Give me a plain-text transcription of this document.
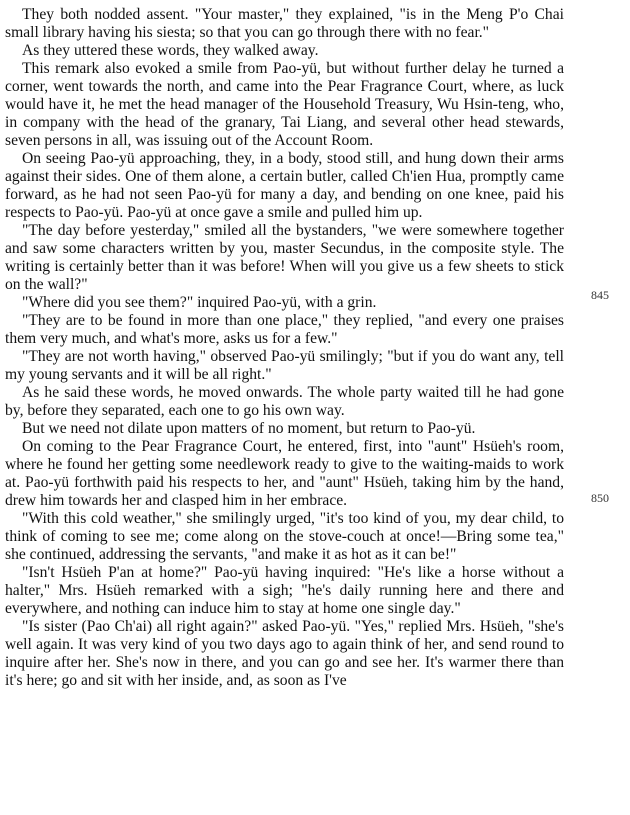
They both nodded assent. "Your master," they explained, "is in the Meng P'o Chai small library having his siesta; so that you can go through there with no fear."

As they uttered these words, they walked away.

This remark also evoked a smile from Pao-yü, but without further delay he turned a corner, went towards the north, and came into the Pear Fragrance Court, where, as luck would have it, he met the head manager of the Household Treasury, Wu Hsin-teng, who, in company with the head of the granary, Tai Liang, and several other head stewards, seven persons in all, was issuing out of the Account Room.

On seeing Pao-yü approaching, they, in a body, stood still, and hung down their arms against their sides. One of them alone, a certain butler, called Ch'ien Hua, promptly came forward, as he had not seen Pao-yü for many a day, and bending on one knee, paid his respects to Pao-yü. Pao-yü at once gave a smile and pulled him up.

"The day before yesterday," smiled all the bystanders, "we were somewhere together and saw some characters written by you, master Secundus, in the composite style. The writing is certainly better than it was before! When will you give us a few sheets to stick on the wall?"

"Where did you see them?" inquired Pao-yü, with a grin.

"They are to be found in more than one place," they replied, "and every one praises them very much, and what's more, asks us for a few."

"They are not worth having," observed Pao-yü smilingly; "but if you do want any, tell my young servants and it will be all right."

As he said these words, he moved onwards. The whole party waited till he had gone by, before they separated, each one to go his own way.

But we need not dilate upon matters of no moment, but return to Pao-yü.

On coming to the Pear Fragrance Court, he entered, first, into "aunt" Hsüeh's room, where he found her getting some needlework ready to give to the waiting-maids to work at. Pao-yü forthwith paid his respects to her, and "aunt" Hsüeh, taking him by the hand, drew him towards her and clasped him in her embrace.

"With this cold weather," she smilingly urged, "it's too kind of you, my dear child, to think of coming to see me; come along on the stove-couch at once!—Bring some tea," she continued, addressing the servants, "and make it as hot as it can be!"

"Isn't Hsüeh P'an at home?" Pao-yü having inquired: "He's like a horse without a halter," Mrs. Hsüeh remarked with a sigh; "he's daily running here and there and everywhere, and nothing can induce him to stay at home one single day."

"Is sister (Pao Ch'ai) all right again?" asked Pao-yü. "Yes," replied Mrs. Hsüeh, "she's well again. It was very kind of you two days ago to again think of her, and send round to inquire after her. She's now in there, and you can go and see her. It's warmer there than it's here; go and sit with her inside, and, as soon as I've

845
850
